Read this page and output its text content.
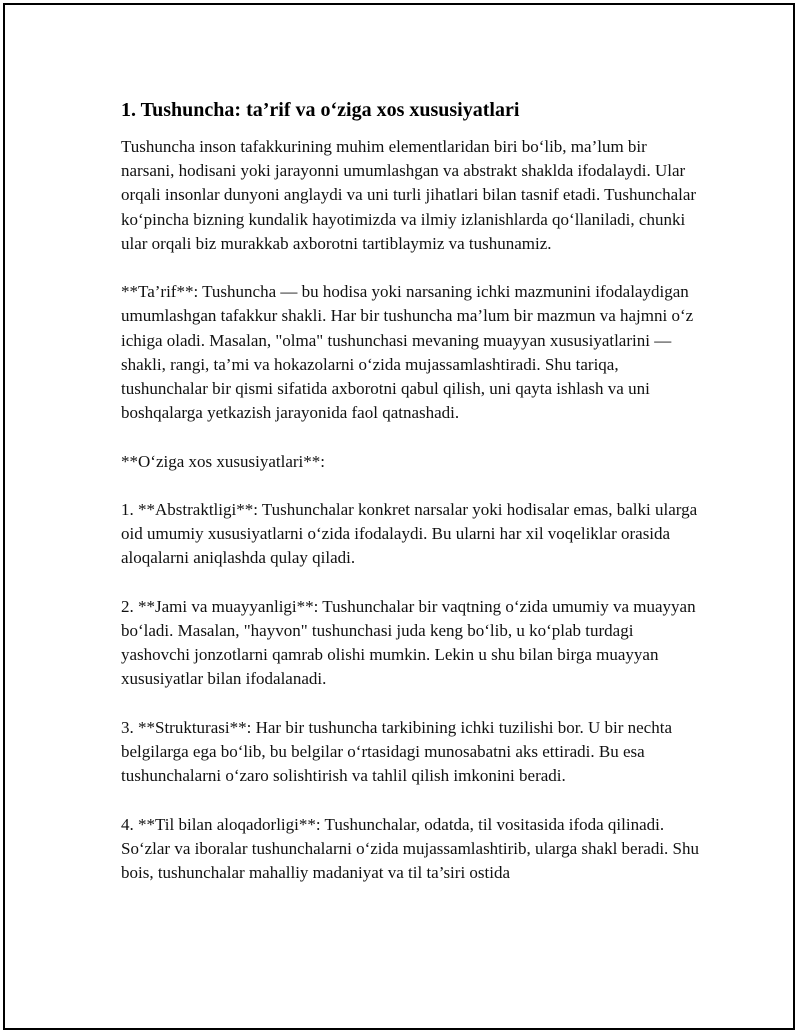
1. Tushuncha: ta’rif va o‘ziga xos xususiyatlari

Tushuncha inson tafakkurining muhim elementlaridan biri bo‘lib, ma’lum bir narsani, hodisani yoki jarayonni umumlashgan va abstrakt shaklda ifodalaydi. Ular orqali insonlar dunyoni anglaydi va uni turli jihatlari bilan tasnif etadi. Tushunchalar ko‘pincha bizning kundalik hayotimizda va ilmiy izlanishlarda qo‘llaniladi, chunki ular orqali biz murakkab axborotni tartiblaymiz va tushunamiz.

**Ta’rif**: Tushuncha — bu hodisa yoki narsaning ichki mazmunini ifodalaydigan umumlashgan tafakkur shakli. Har bir tushuncha ma’lum bir mazmun va hajmni o‘z ichiga oladi. Masalan, "olma" tushunchasi mevaning muayyan xususiyatlarini — shakli, rangi, ta’mi va hokazolarni o‘zida mujassamlashtiradi. Shu tariqa, tushunchalar bir qismi sifatida axborotni qabul qilish, uni qayta ishlash va uni boshqalarga yetkazish jarayonida faol qatnashadi.

**O‘ziga xos xususiyatlari**:

1. **Abstraktligi**: Tushunchalar konkret narsalar yoki hodisalar emas, balki ularga oid umumiy xususiyatlarni o‘zida ifodalaydi. Bu ularni har xil voqeliklar orasida aloqalarni aniqlashda qulay qiladi.

2. **Jami va muayyanligi**: Tushunchalar bir vaqtning o‘zida umumiy va muayyan bo‘ladi. Masalan, "hayvon" tushunchasi juda keng bo‘lib, u ko‘plab turdagi yashovchi jonzotlarni qamrab olishi mumkin. Lekin u shu bilan birga muayyan xususiyatlar bilan ifodalanadi.

3. **Strukturasi**: Har bir tushuncha tarkibining ichki tuzilishi bor. U bir nechta belgilarga ega bo‘lib, bu belgilar o‘rtasidagi munosabatni aks ettiradi. Bu esa tushunchalarni o‘zaro solishtirish va tahlil qilish imkonini beradi.

4. **Til bilan aloqadorligi**: Tushunchalar, odatda, til vositasida ifoda qilinadi. So‘zlar va iboralar tushunchalarni o‘zida mujassamlashtirib, ularga shakl beradi. Shu bois, tushunchalar mahalliy madaniyat va til ta’siri ostida
